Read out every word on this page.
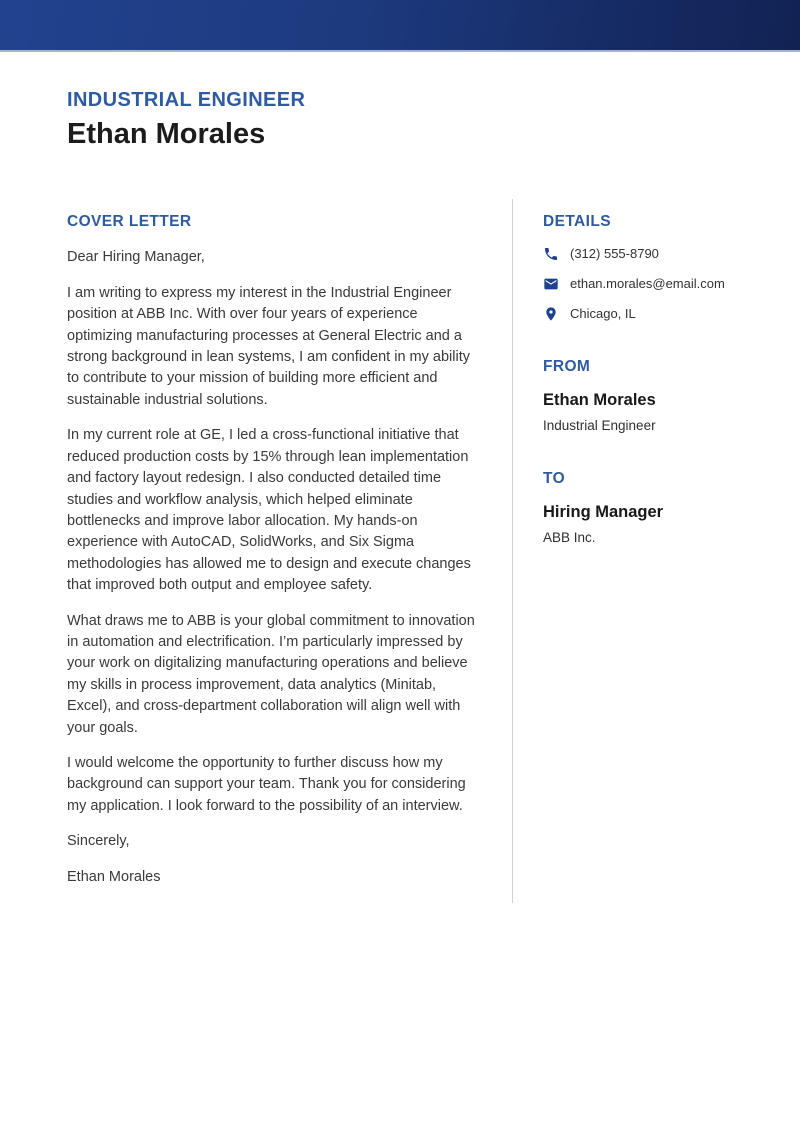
INDUSTRIAL ENGINEER
Ethan Morales
COVER LETTER

Dear Hiring Manager,

I am writing to express my interest in the Industrial Engineer position at ABB Inc. With over four years of experience optimizing manufacturing processes at General Electric and a strong background in lean systems, I am confident in my ability to contribute to your mission of building more efficient and sustainable industrial solutions.

In my current role at GE, I led a cross-functional initiative that reduced production costs by 15% through lean implementation and factory layout redesign. I also conducted detailed time studies and workflow analysis, which helped eliminate bottlenecks and improve labor allocation. My hands-on experience with AutoCAD, SolidWorks, and Six Sigma methodologies has allowed me to design and execute changes that improved both output and employee safety.

What draws me to ABB is your global commitment to innovation in automation and electrification. I’m particularly impressed by your work on digitalizing manufacturing operations and believe my skills in process improvement, data analytics (Minitab, Excel), and cross-department collaboration will align well with your goals.

I would welcome the opportunity to further discuss how my background can support your team. Thank you for considering my application. I look forward to the possibility of an interview.

Sincerely,

Ethan Morales

DETAILS
(312) 555-8790
ethan.morales@email.com
Chicago, IL
FROM
Ethan Morales
Industrial Engineer
TO
Hiring Manager
ABB Inc.
